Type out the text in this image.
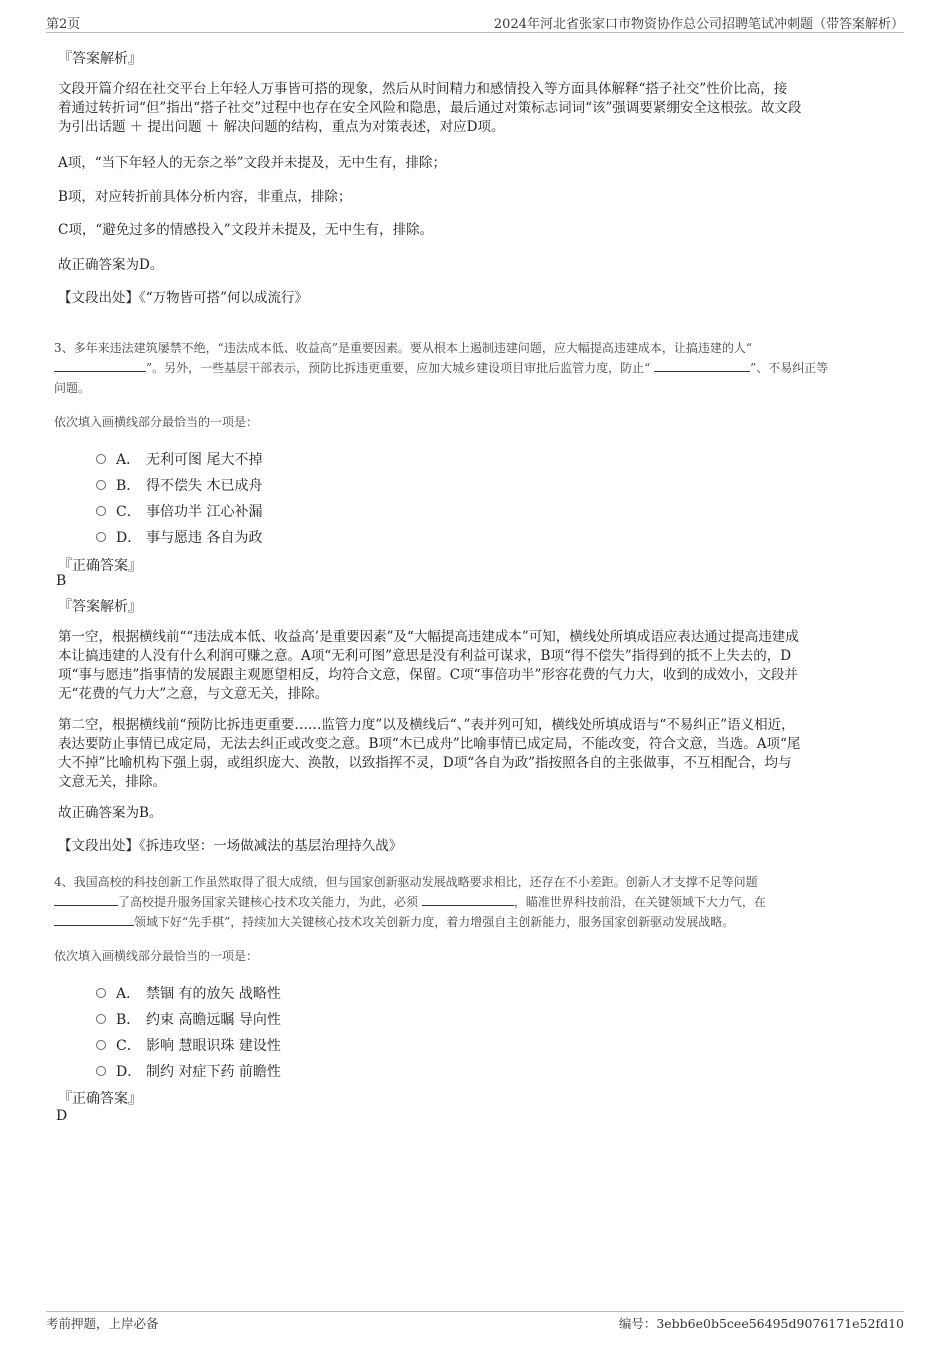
第2页	2024年河北省张家口市物资协作总公司招聘笔试冲刺题（带答案解析）
『答案解析』
文段开篇介绍在社交平台上年轻人万事皆可搭的现象，然后从时间精力和感情投入等方面具体解释“搭子社交”性价比高，接
着通过转折词“但”指出“搭子社交”过程中也存在安全风险和隐患，最后通过对策标志词词“该”强调要紧绷安全这根弦。故文段
为引出话题 ＋ 提出问题 ＋ 解决问题的结构，重点为对策表述，对应D项。
A项，“当下年轻人的无奈之举”文段并未提及，无中生有，排除；
B项，对应转折前具体分析内容，非重点，排除；
C项，“避免过多的情感投入”文段并未提及，无中生有，排除。
故正确答案为D。
【文段出处】《“万物皆可搭”何以成流行》
3、多年来违法建筑屡禁不绝，“违法成本低、收益高”是重要因素。要从根本上遏制违建问题，应大幅提高违建成本，让搞违建的人“
”。另外，一些基层干部表示，预防比拆违更重要，应加大城乡建设项目审批后监管力度，防止“	”、不易纠正等
问题。
依次填入画横线部分最恰当的一项是：
A． 无利可图 尾大不掉
B． 得不偿失 木已成舟
C． 事倍功半 江心补漏
D． 事与愿违 各自为政
『正确答案』
B
『答案解析』
第一空，根据横线前““违法成本低、收益高’是重要因素”及“大幅提高违建成本”可知，横线处所填成语应表达通过提高违建成
本让搞违建的人没有什么利润可赚之意。A项“无利可图”意思是没有利益可谋求，B项“得不偿失”指得到的抵不上失去的，D
项“事与愿违”指事情的发展跟主观愿望相反，均符合文意，保留。C项“事倍功半”形容花费的气力大，收到的成效小，文段并
无“花费的气力大”之意，与文意无关，排除。
第二空，根据横线前“预防比拆违更重要……监管力度”以及横线后“、”表并列可知，横线处所填成语与“不易纠正”语义相近，
表达要防止事情已成定局，无法去纠正或改变之意。B项“木已成舟”比喻事情已成定局，不能改变，符合文意，当选。A项“尾
大不掉”比喻机构下强上弱，或组织庞大、涣散，以致指挥不灵，D项“各自为政”指按照各自的主张做事，不互相配合，均与
文意无关，排除。
故正确答案为B。
【文段出处】《拆违攻坚：一场做减法的基层治理持久战》
4、我国高校的科技创新工作虽然取得了很大成绩，但与国家创新驱动发展战略要求相比，还存在不小差距。创新人才支撑不足等问题
了高校提升服务国家关键核心技术攻关能力，为此，必须	，瞄准世界科技前沿，在关键领域下大力气，在
领域下好“先手棋”，持续加大关键核心技术攻关创新力度，着力增强自主创新能力，服务国家创新驱动发展战略。
依次填入画横线部分最恰当的一项是：
A． 禁锢 有的放矢 战略性
B． 约束 高瞻远瞩 导向性
C． 影响 慧眼识珠 建设性
D． 制约 对症下药 前瞻性
『正确答案』
D
考前押题，上岸必备	编号：3ebb6e0b5cee56495d9076171e52fd10
